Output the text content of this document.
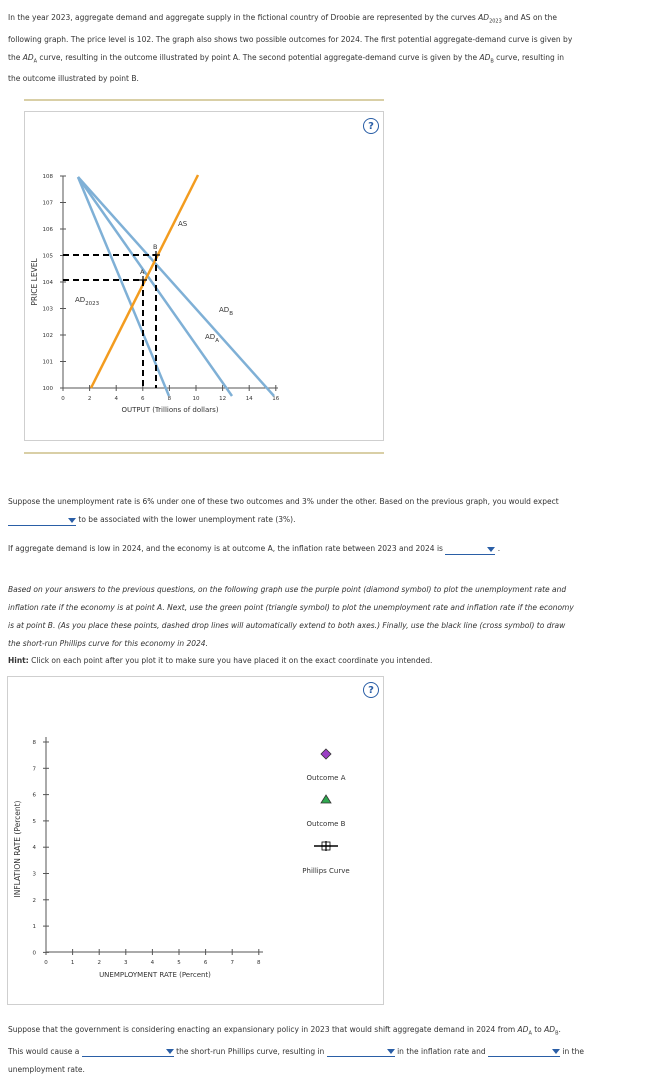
In the year 2023, aggregate demand and aggregate supply in the fictional country of Droobie are represented by the curves $AD_{2023}$ and AS on the
following graph. The price level is 102. The graph also shows two possible outcomes for 2024. The first potential aggregate-demand curve is given by
the $AD_A$ curve, resulting in the outcome illustrated by point A. The second potential aggregate-demand curve is given by the $AD_B$ curve, resulting in
the outcome illustrated by point B.
?
108
107
106
105
104
103
102
101
100
0	2	4	6	8	10	12	14	16
PRICE LEVEL
OUTPUT (Trillions of dollars)
AS
B
A
$AD_{2023}$
$AD_B$
$AD_A$
Suppose the unemployment rate is 6% under one of these two outcomes and 3% under the other. Based on the previous graph, you would expect
to be associated with the lower unemployment rate (3%).
If aggregate demand is low in 2024, and the economy is at outcome A, the inflation rate between 2023 and 2024 is	.
Based on your answers to the previous questions, on the following graph use the purple point (diamond symbol) to plot the unemployment rate and
inflation rate if the economy is at point A. Next, use the green point (triangle symbol) to plot the unemployment rate and inflation rate if the economy
is at point B. (As you place these points, dashed drop lines will automatically extend to both axes.) Finally, use the black line (cross symbol) to draw
the short-run Phillips curve for this economy in 2024.
Hint: Click on each point after you plot it to make sure you have placed it on the exact coordinate you intended.
?
8
7
6
5
4
3
2
1
0
0	1	2	3	4	5	6	7	8
INFLATION RATE (Percent)
UNEMPLOYMENT RATE (Percent)
Outcome A
Outcome B
Phillips Curve
Suppose that the government is considering enacting an expansionary policy in 2023 that would shift aggregate demand in 2024 from $AD_A$ to $AD_B$.
This would cause a	the short-run Phillips curve, resulting in	in the inflation rate and	in the
unemployment rate.
